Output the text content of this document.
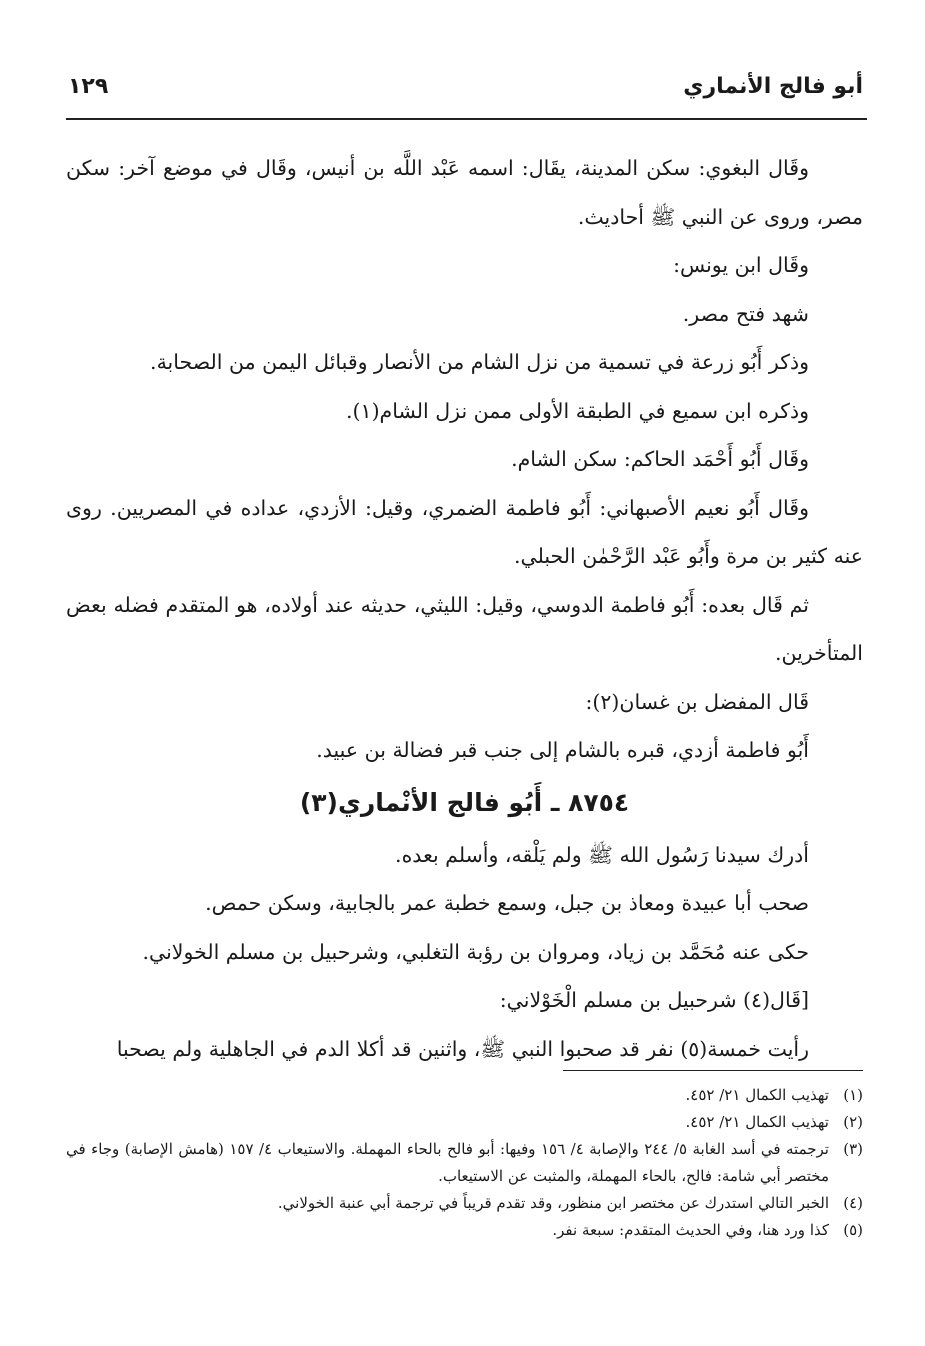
أبو فالج الأنماري
١٢٩

وقَال البغوي: سكن المدينة، يقَال: اسمه عَبْد اللَّه بن أنيس، وقَال في موضع آخر: سكن مصر، وروى عن النبي ﷺ أحاديث.

وقَال ابن يونس:

شهد فتح مصر.

وذكر أَبُو زرعة في تسمية من نزل الشام من الأنصار وقبائل اليمن من الصحابة.

وذكره ابن سميع في الطبقة الأولى ممن نزل الشام(١).

وقَال أَبُو أَحْمَد الحاكم: سكن الشام.

وقَال أَبُو نعيم الأصبهاني: أَبُو فاطمة الضمري، وقيل: الأزدي، عداده في المصريين. روى عنه كثير بن مرة وأَبُو عَبْد الرَّحْمٰن الحبلي.

ثم قَال بعده: أَبُو فاطمة الدوسي، وقيل: الليثي، حديثه عند أولاده، هو المتقدم فضله بعض المتأخرين.

قَال المفضل بن غسان(٢):

أَبُو فاطمة أزدي، قبره بالشام إلى جنب قبر فضالة بن عبيد.

٨٧٥٤ ـ أَبُو فالج الأنْماري(٣)

أدرك سيدنا رَسُول الله ﷺ ولم يَلْقه، وأسلم بعده.

صحب أبا عبيدة ومعاذ بن جبل، وسمع خطبة عمر بالجابية، وسكن حمص.

حكى عنه مُحَمَّد بن زياد، ومروان بن رؤبة التغلبي، وشرحبيل بن مسلم الخولاني.

[قَال(٤) شرحبيل بن مسلم الْخَوْلاني:

رأيت خمسة(٥) نفر قد صحبوا النبي ﷺ، واثنين قد أكلا الدم في الجاهلية ولم يصحبا

(١)
تهذيب الكمال ٢١/ ٤٥٢.
(٢)
تهذيب الكمال ٢١/ ٤٥٢.
(٣)
ترجمته في أسد الغابة ٥/ ٢٤٤ والإصابة ٤/ ١٥٦ وفيها: أبو فالح بالحاء المهملة. والاستيعاب ٤/ ١٥٧ (هامش الإصابة) وجاء في مختصر أبي شامة: فالح، بالحاء المهملة، والمثبت عن الاستيعاب.
(٤)
الخبر التالي استدرك عن مختصر ابن منظور، وقد تقدم قريباً في ترجمة أبي عنبة الخولاني.
(٥)
كذا ورد هنا، وفي الحديث المتقدم: سبعة نفر.
